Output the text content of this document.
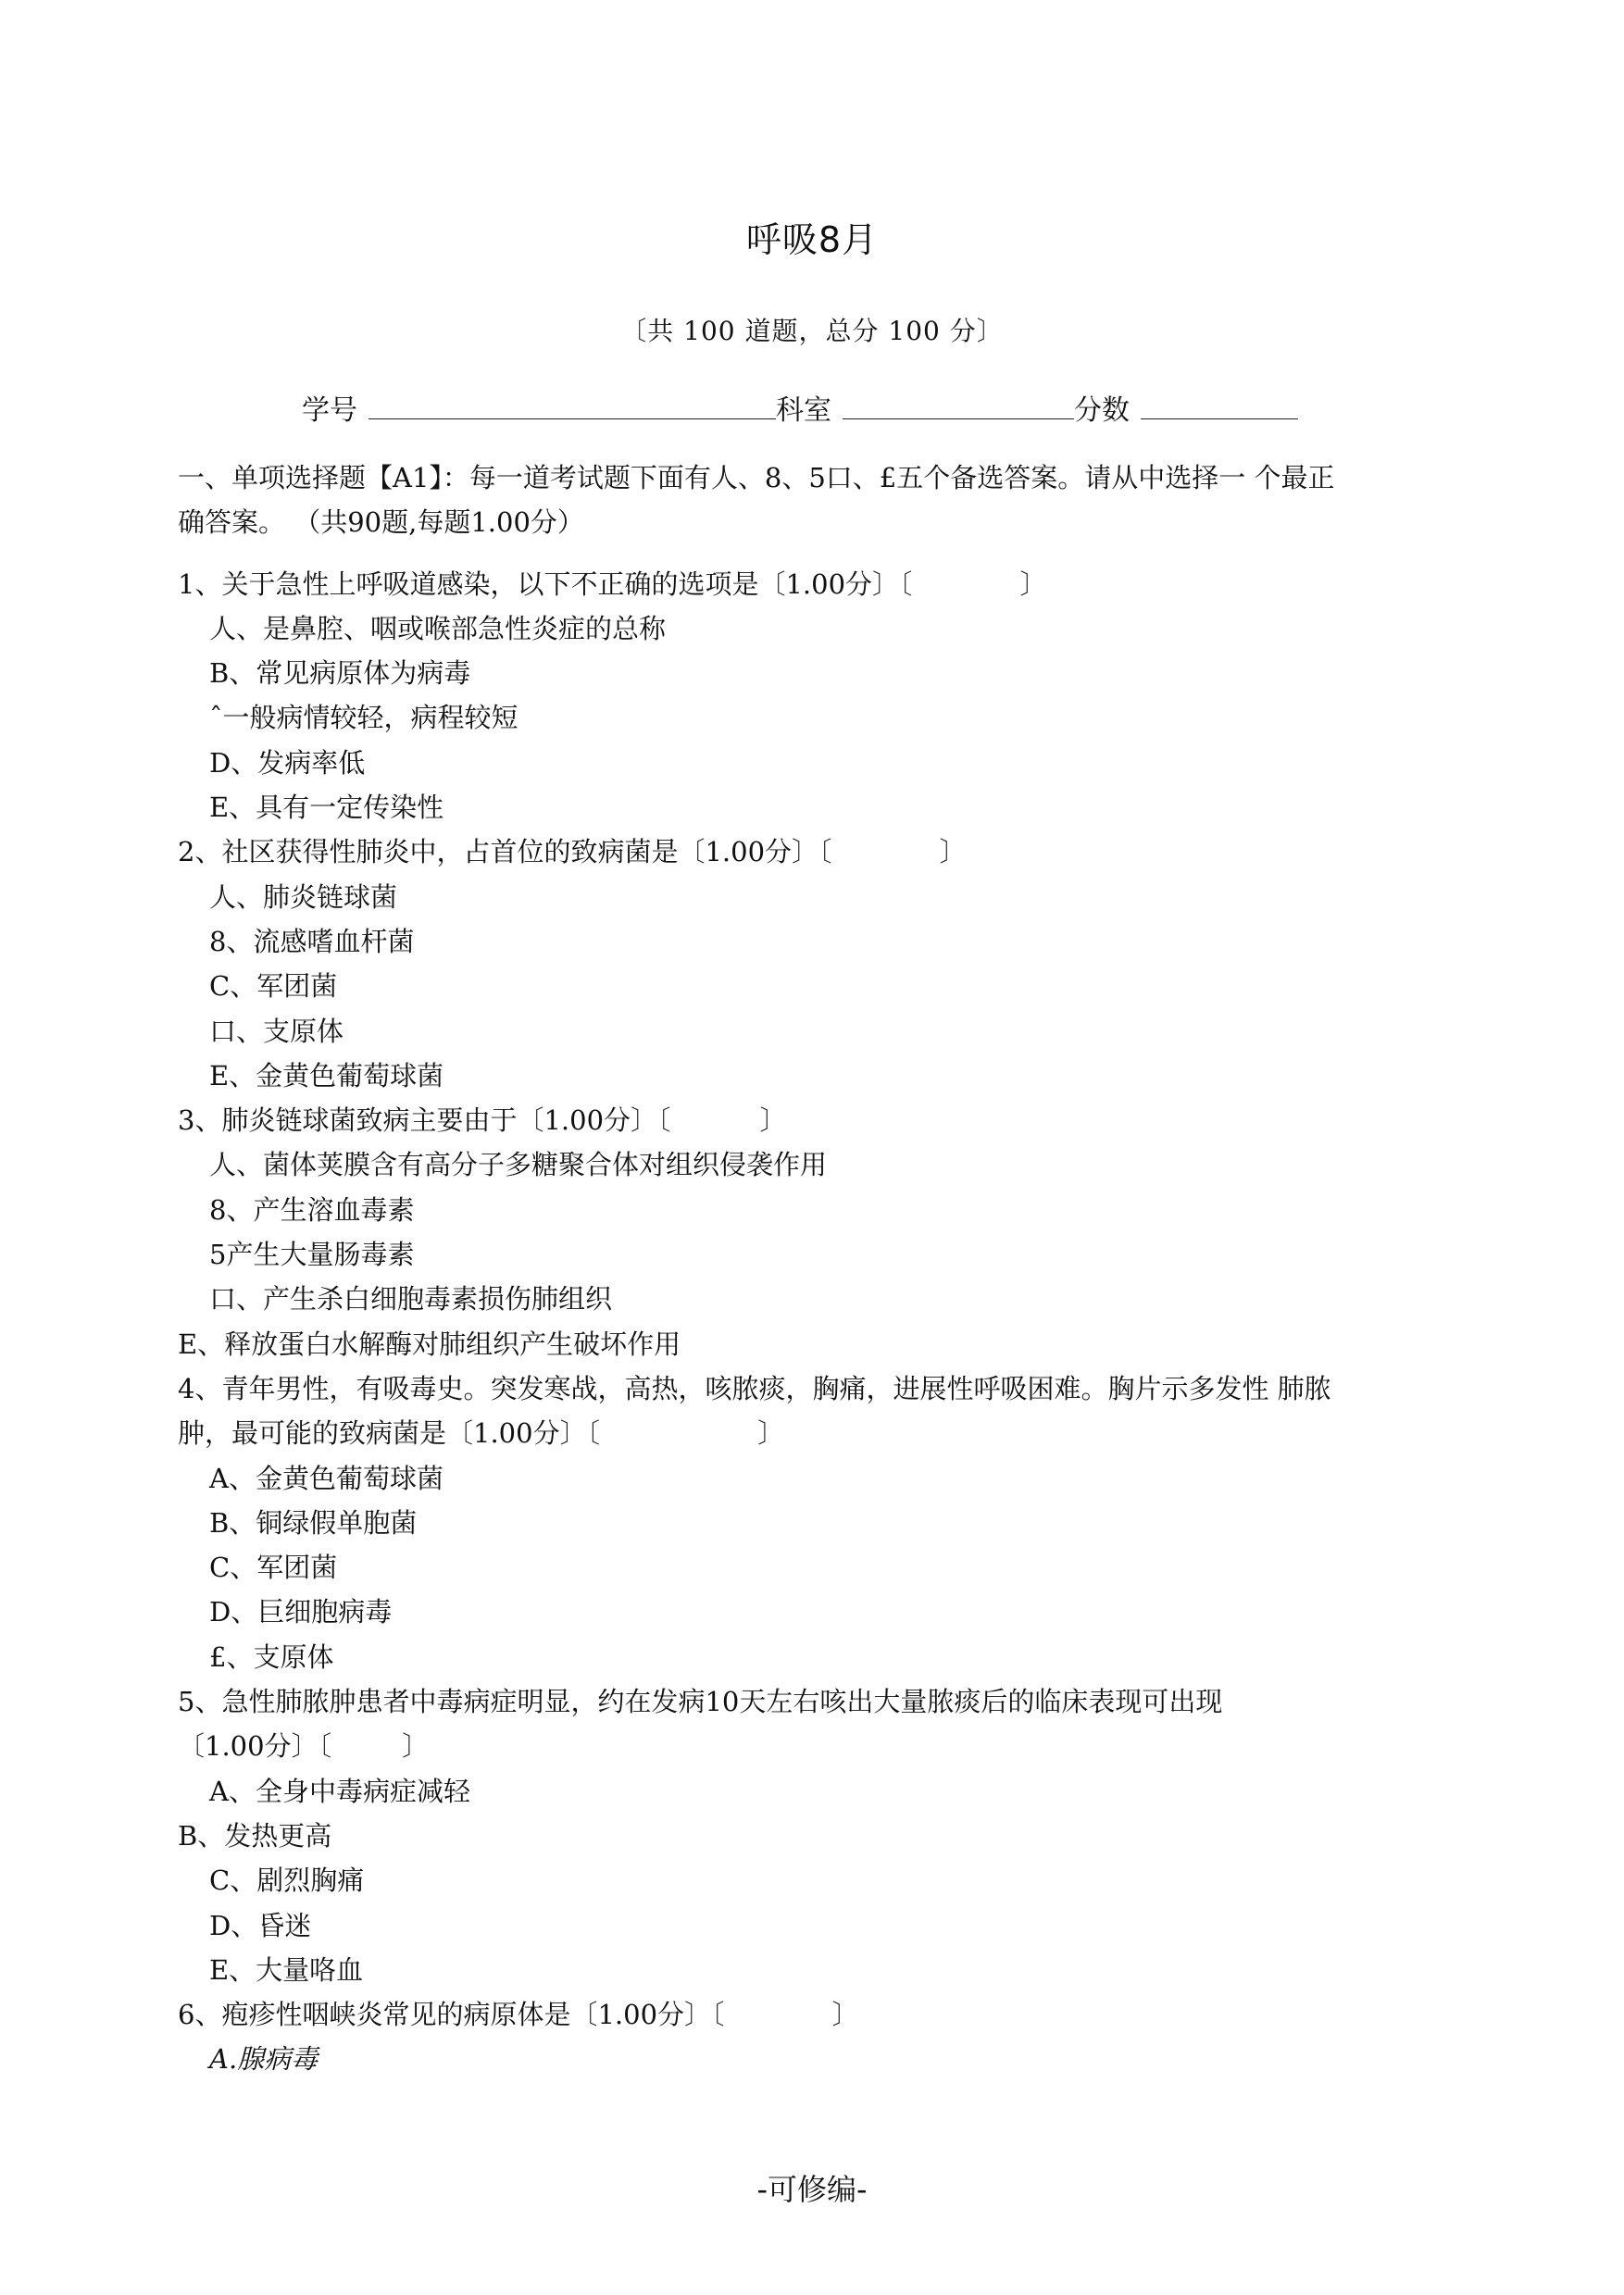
呼吸8月
〔共 100 道题，总分 100 分〕
学号	科室	分数
一、单项选择题【A1】：每一道考试题下面有人、8、5口、£五个备选答案。请从中选择一 个最正
确答案。 （共90题,每题1.00分）
1、关于急性上呼吸道感染，以下不正确的选项是〔1.00分〕〔	〕
人、是鼻腔、咽或喉部急性炎症的总称
B、常见病原体为病毒
ˆ一般病情较轻，病程较短
D、发病率低
E、具有一定传染性
2、社区获得性肺炎中，占首位的致病菌是〔1.00分〕〔	〕
人、肺炎链球菌
8、流感嗜血杆菌
C、军团菌
口、支原体
E、金黄色葡萄球菌
3、肺炎链球菌致病主要由于〔1.00分〕〔	〕
人、菌体荚膜含有高分子多糖聚合体对组织侵袭作用
8、产生溶血毒素
5产生大量肠毒素
口、产生杀白细胞毒素损伤肺组织
E、释放蛋白水解酶对肺组织产生破坏作用
4、青年男性，有吸毒史。突发寒战，高热，咳脓痰，胸痛，进展性呼吸困难。胸片示多发性 肺脓
肿，最可能的致病菌是〔1.00分〕〔	〕
A、金黄色葡萄球菌
B、铜绿假单胞菌
C、军团菌
D、巨细胞病毒
£、支原体
5、急性肺脓肿患者中毒病症明显，约在发病10天左右咳出大量脓痰后的临床表现可出现
〔1.00分〕〔	〕
A、全身中毒病症减轻
B、发热更高
C、剧烈胸痛
D、昏迷
E、大量咯血
6、疱疹性咽峡炎常见的病原体是〔1.00分〕〔	〕
A.腺病毒
-可修编-
